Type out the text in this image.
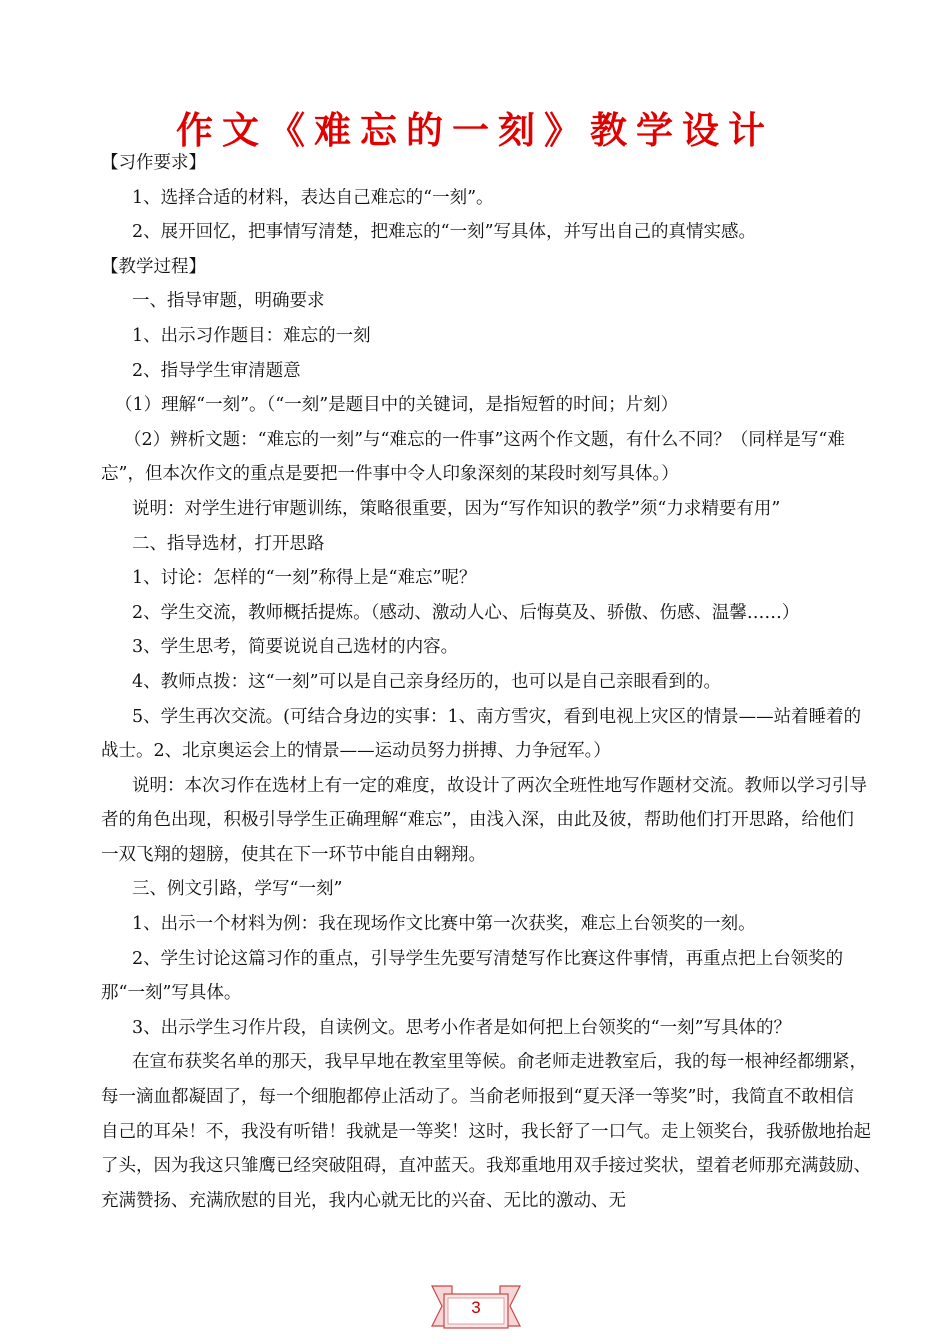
作文《难忘的一刻》教学设计

【习作要求】

1、选择合适的材料，表达自己难忘的“一刻”。

2、展开回忆，把事情写清楚，把难忘的“一刻”写具体，并写出自己的真情实感。

【教学过程】

一、指导审题，明确要求

1、出示习作题目：难忘的一刻

2、指导学生审清题意

（1）理解“一刻”。（“一刻”是题目中的关键词，是指短暂的时间；片刻）

（2）辨析文题：“难忘的一刻”与“难忘的一件事”这两个作文题，有什么不同？（同样是写“难忘”，但本次作文的重点是要把一件事中令人印象深刻的某段时刻写具体。）

说明：对学生进行审题训练，策略很重要，因为“写作知识的教学”须“力求精要有用”

二、指导选材，打开思路

1、讨论：怎样的“一刻”称得上是“难忘”呢？

2、学生交流，教师概括提炼。（感动、激动人心、后悔莫及、骄傲、伤感、温馨……）

3、学生思考，简要说说自己选材的内容。

4、教师点拨：这“一刻”可以是自己亲身经历的，也可以是自己亲眼看到的。

5、学生再次交流。(可结合身边的实事：1、南方雪灾，看到电视上灾区的情景——站着睡着的战士。2、北京奥运会上的情景——运动员努力拼搏、力争冠军。）

说明：本次习作在选材上有一定的难度，故设计了两次全班性地写作题材交流。教师以学习引导者的角色出现，积极引导学生正确理解“难忘”，由浅入深，由此及彼，帮助他们打开思路，给他们一双飞翔的翅膀，使其在下一环节中能自由翱翔。

三、例文引路，学写“一刻”

1、出示一个材料为例：我在现场作文比赛中第一次获奖，难忘上台领奖的一刻。

2、学生讨论这篇习作的重点，引导学生先要写清楚写作比赛这件事情，再重点把上台领奖的那“一刻”写具体。

3、出示学生习作片段，自读例文。思考小作者是如何把上台领奖的“一刻”写具体的？

在宣布获奖名单的那天，我早早地在教室里等候。俞老师走进教室后，我的每一根神经都绷紧，每一滴血都凝固了，每一个细胞都停止活动了。当俞老师报到“夏天泽一等奖”时，我简直不敢相信自己的耳朵！不，我没有听错！我就是一等奖！这时，我长舒了一口气。走上领奖台，我骄傲地抬起了头，因为我这只雏鹰已经突破阻碍，直冲蓝天。我郑重地用双手接过奖状，望着老师那充满鼓励、充满赞扬、充满欣慰的目光，我内心就无比的兴奋、无比的激动、无

3
